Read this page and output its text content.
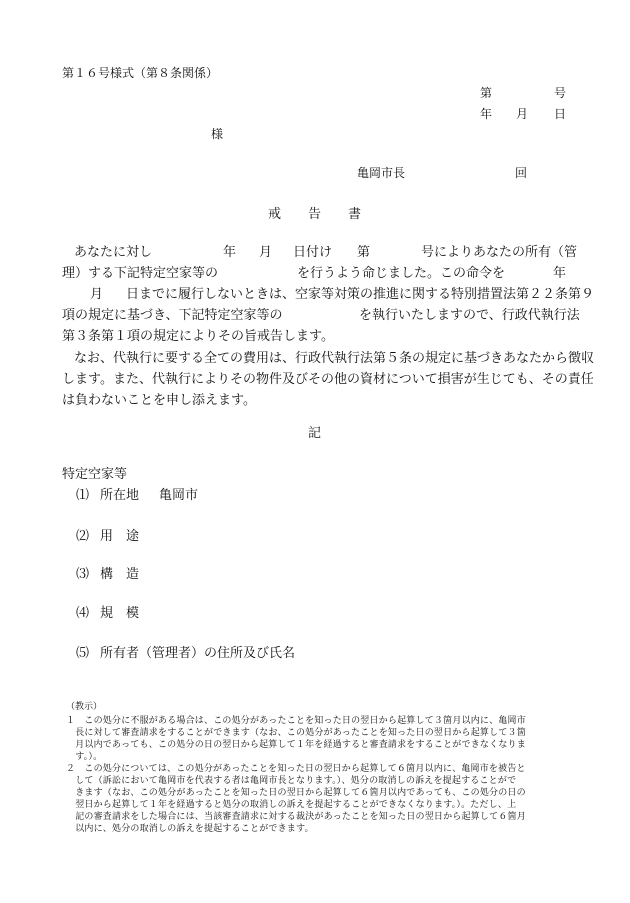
第１６号様式（第８条関係）
第	号
年 月 日
様
亀岡市長	回
戒 告 書
あなたに対し	年 月 日付け 第	号によりあなたの所有（管
理）する下記特定空家等の	を行うよう命じました。この命令を	年
月 日までに履行しないときは、空家等対策の推進に関する特別措置法第２２条第９
項の規定に基づき、下記特定空家等の	を執行いたしますので、行政代執行法
第３条第１項の規定によりその旨戒告します。
なお、代執行に要する全ての費用は、行政代執行法第５条の規定に基づきあなたから徴収
します。また、代執行によりその物件及びその他の資材について損害が生じても、その責任
は負わないことを申し添えます。
記
特定空家等
⑴ 所在地 亀岡市
⑵ 用　途
⑶ 構　造
⑷ 規　模
⑸ 所有者（管理者）の住所及び氏名
（教示）
１　この処分に不服がある場合は、この処分があったことを知った日の翌日から起算して３箇月以内に、亀岡市
　長に対して審査請求をすることができます（なお、この処分があったことを知った日の翌日から起算して３箇
　月以内であっても、この処分の日の翌日から起算して１年を経過すると審査請求をすることができなくなりま
　す。）。
２　この処分については、この処分があったことを知った日の翌日から起算して６箇月以内に、亀岡市を被告と
　して（訴訟において亀岡市を代表する者は亀岡市長となります。）、処分の取消しの訴えを提起することがで
　きます（なお、この処分があったことを知った日の翌日から起算して６箇月以内であっても、この処分の日の
　翌日から起算して１年を経過すると処分の取消しの訴えを提起することができなくなります。）。ただし、上
　記の審査請求をした場合には、当該審査請求に対する裁決があったことを知った日の翌日から起算して６箇月
　以内に、処分の取消しの訴えを提起することができます。
